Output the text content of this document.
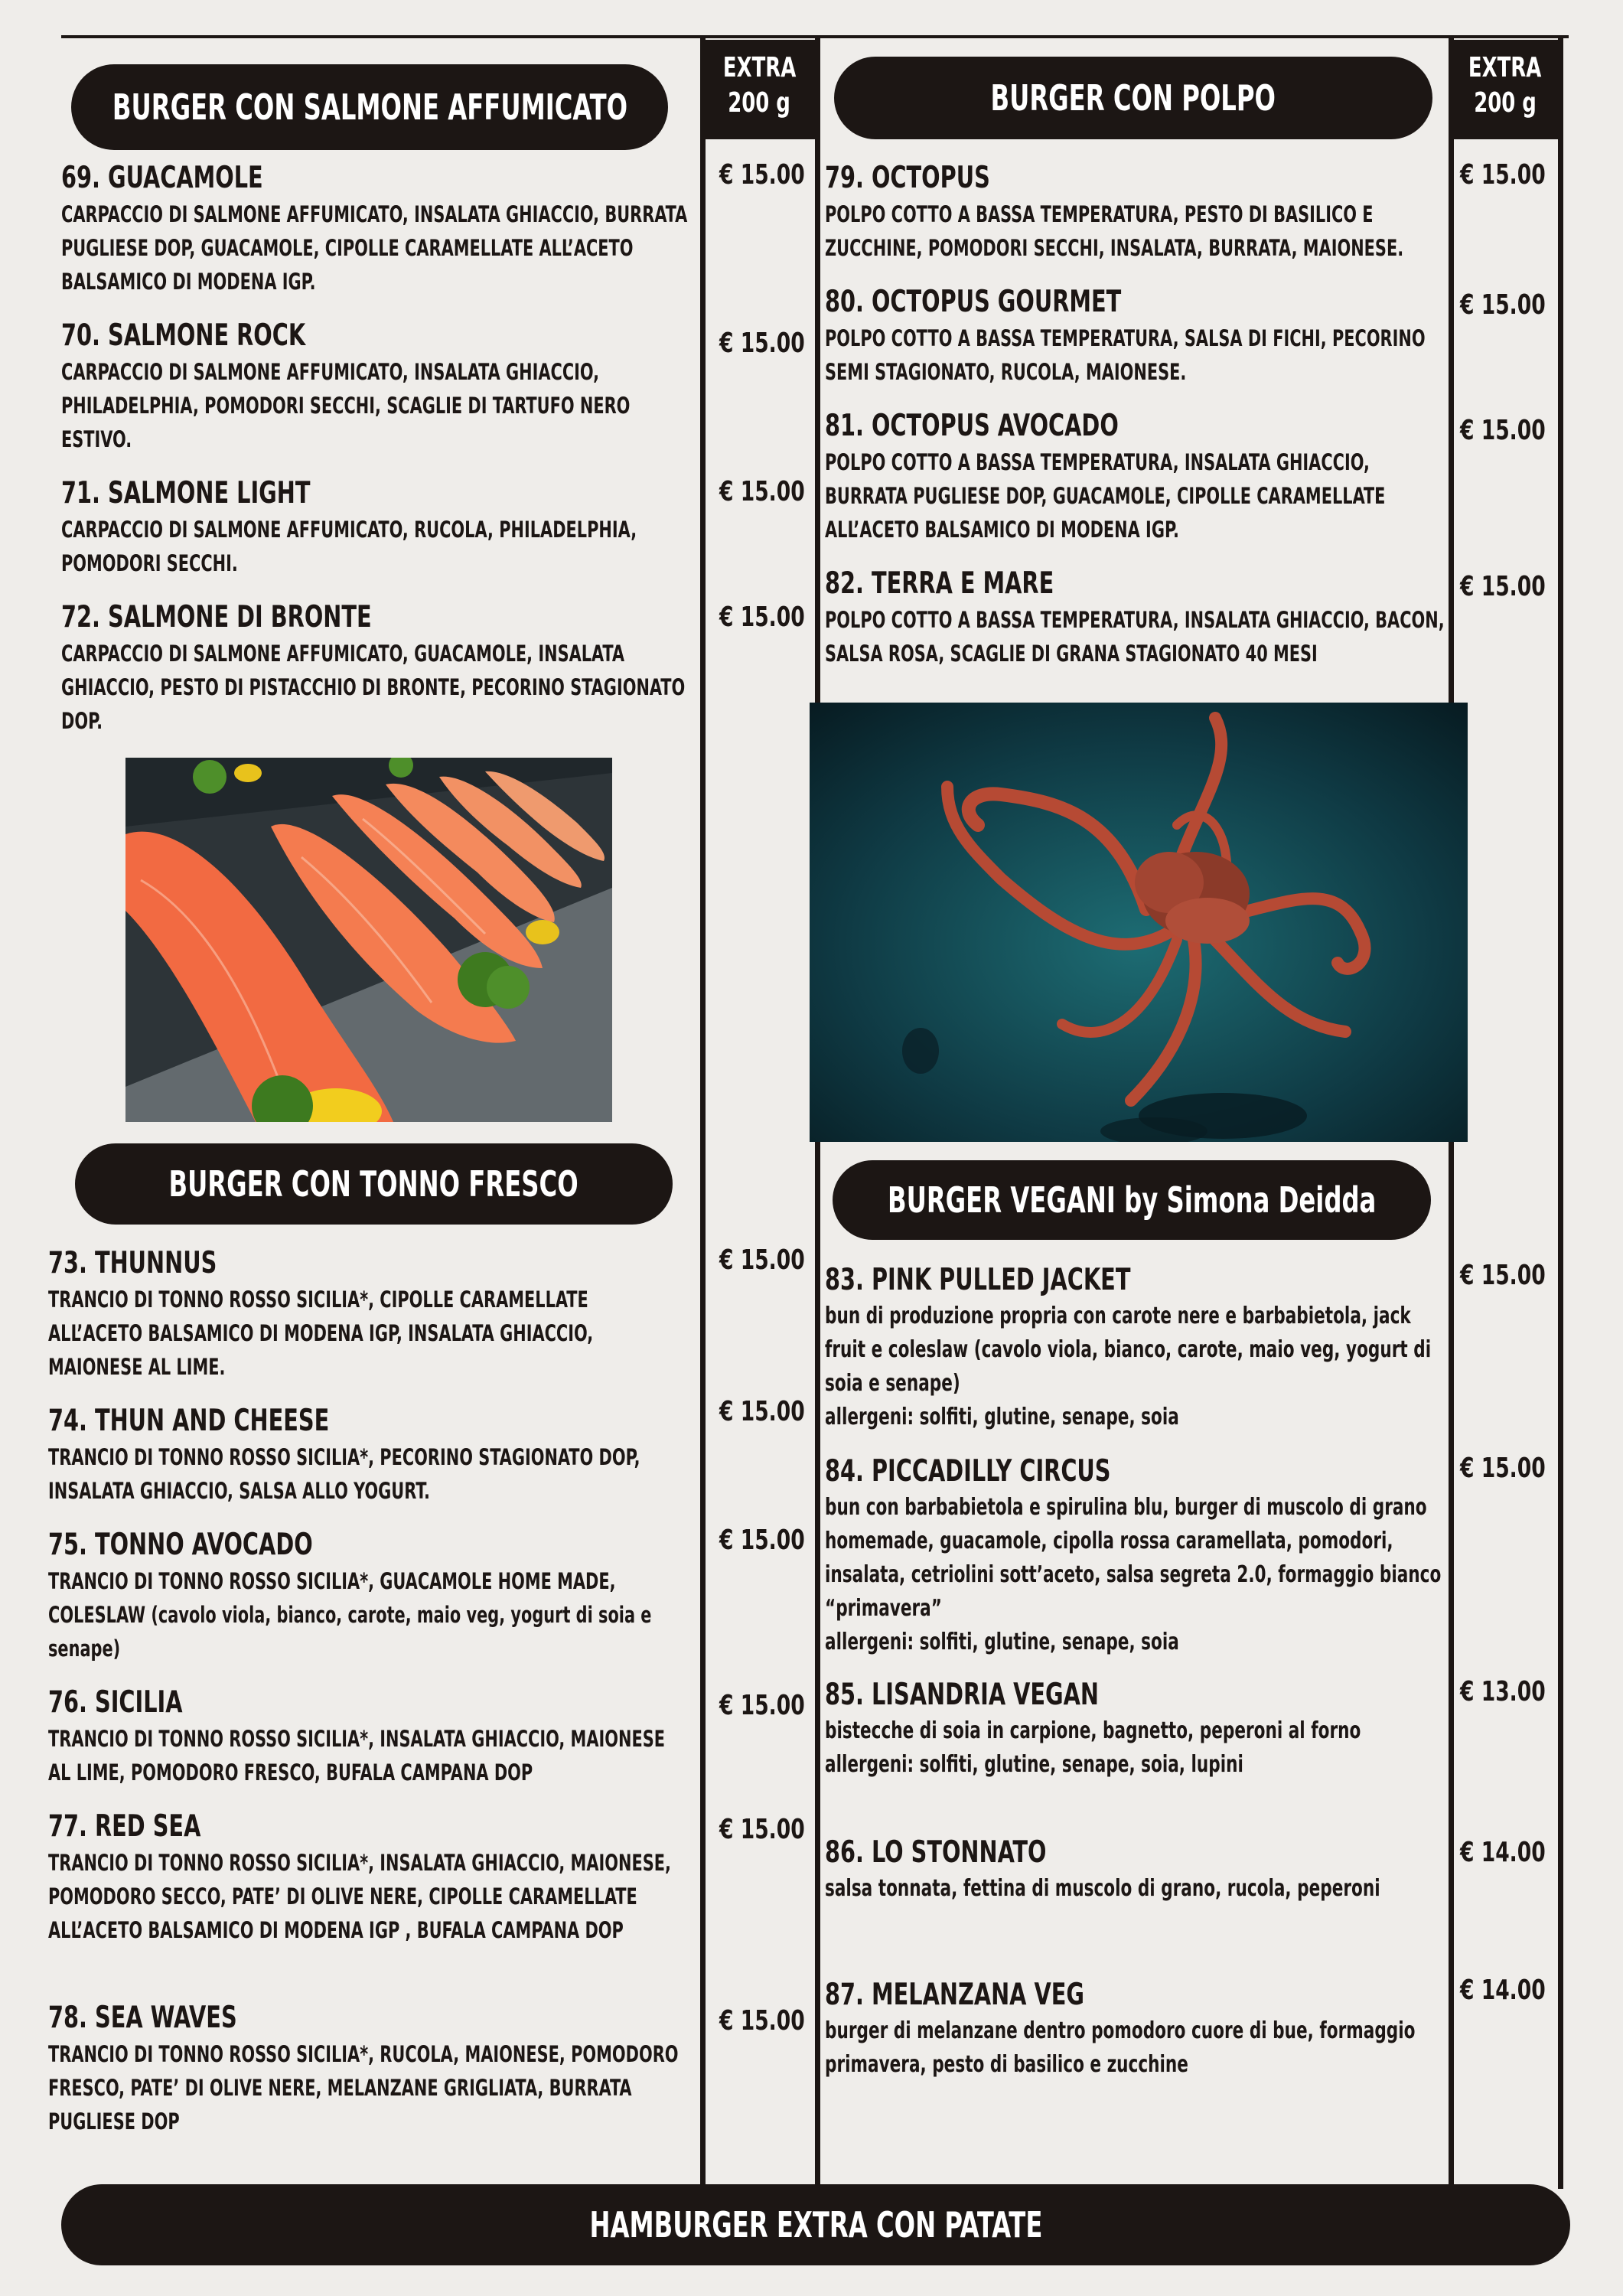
EXTRA
200 g
EXTRA
200 g
BURGER CON SALMONE AFFUMICATO	BURGER CON POLPO
BURGER CON TONNO FRESCO	BURGER VEGANI by Simona Deidda
69. GUACAMOLE
CARPACCIO DI SALMONE AFFUMICATO, INSALATA GHIACCIO, BURRATA PUGLIESE DOP, GUACAMOLE, CIPOLLE CARAMELLATE ALL’ACETO BALSAMICO DI MODENA IGP.
€ 15.00
70. SALMONE ROCK
CARPACCIO DI SALMONE AFFUMICATO, INSALATA GHIACCIO, PHILADELPHIA, POMODORI SECCHI, SCAGLIE DI TARTUFO NERO ESTIVO.
€ 15.00
71. SALMONE LIGHT
CARPACCIO DI SALMONE AFFUMICATO, RUCOLA, PHILADELPHIA, POMODORI SECCHI.
€ 15.00
72. SALMONE DI BRONTE
CARPACCIO DI SALMONE AFFUMICATO, GUACAMOLE, INSALATA GHIACCIO, PESTO DI PISTACCHIO DI BRONTE, PECORINO STAGIONATO DOP.
€ 15.00
73. THUNNUS
TRANCIO DI TONNO ROSSO SICILIA*, CIPOLLE CARAMELLATE ALL’ACETO BALSAMICO DI MODENA IGP, INSALATA GHIACCIO, MAIONESE AL LIME.
€ 15.00
74. THUN AND CHEESE
TRANCIO DI TONNO ROSSO SICILIA*, PECORINO STAGIONATO DOP, INSALATA GHIACCIO, SALSA ALLO YOGURT.
€ 15.00
75. TONNO AVOCADO
TRANCIO DI TONNO ROSSO SICILIA*, GUACAMOLE HOME MADE, COLESLAW (cavolo viola, bianco, carote, maio veg, yogurt di soia e senape)
€ 15.00
76. SICILIA
TRANCIO DI TONNO ROSSO SICILIA*, INSALATA GHIACCIO, MAIONESE AL LIME, POMODORO FRESCO, BUFALA CAMPANA DOP
€ 15.00
77. RED SEA
TRANCIO DI TONNO ROSSO SICILIA*, INSALATA GHIACCIO, MAIONESE, POMODORO SECCO, PATE’ DI OLIVE NERE, CIPOLLE CARAMELLATE ALL’ACETO BALSAMICO DI MODENA IGP , BUFALA CAMPANA DOP
€ 15.00
78. SEA WAVES
TRANCIO DI TONNO ROSSO SICILIA*, RUCOLA, MAIONESE, POMODORO FRESCO, PATE’ DI OLIVE NERE, MELANZANE GRIGLIATA, BURRATA PUGLIESE DOP
€ 15.00
79. OCTOPUS
POLPO COTTO A BASSA TEMPERATURA, PESTO DI BASILICO E ZUCCHINE, POMODORI SECCHI, INSALATA, BURRATA, MAIONESE.
€ 15.00
80. OCTOPUS GOURMET
POLPO COTTO A BASSA TEMPERATURA, SALSA DI FICHI, PECORINO SEMI STAGIONATO, RUCOLA, MAIONESE.
€ 15.00
81. OCTOPUS AVOCADO
POLPO COTTO A BASSA TEMPERATURA, INSALATA GHIACCIO, BURRATA PUGLIESE DOP, GUACAMOLE, CIPOLLE CARAMELLATE ALL’ACETO BALSAMICO DI MODENA IGP.
€ 15.00
82. TERRA E MARE
POLPO COTTO A BASSA TEMPERATURA, INSALATA GHIACCIO, BACON, SALSA ROSA, SCAGLIE DI GRANA STAGIONATO 40 MESI
€ 15.00
83. PINK PULLED JACKET
bun di produzione propria con carote nere e barbabietola, jack fruit e coleslaw (cavolo viola, bianco, carote, maio veg, yogurt di soia e senape)
allergeni: solfiti, glutine, senape, soia
€ 15.00
84. PICCADILLY CIRCUS
bun con barbabietola e spirulina blu, burger di muscolo di grano homemade, guacamole, cipolla rossa caramellata, pomodori, insalata, cetriolini sott’aceto, salsa segreta 2.0, formaggio bianco “primavera”
allergeni: solfiti, glutine, senape, soia
€ 15.00
85. LISANDRIA VEGAN
bistecche di soia in carpione, bagnetto, peperoni al forno
allergeni: solfiti, glutine, senape, soia, lupini
€ 13.00
86. LO STONNATO
salsa tonnata, fettina di muscolo di grano, rucola, peperoni
€ 14.00
87. MELANZANA VEG
burger di melanzane dentro pomodoro cuore di bue, formaggio primavera, pesto di basilico e zucchine
€ 14.00
HAMBURGER EXTRA CON PATATE
